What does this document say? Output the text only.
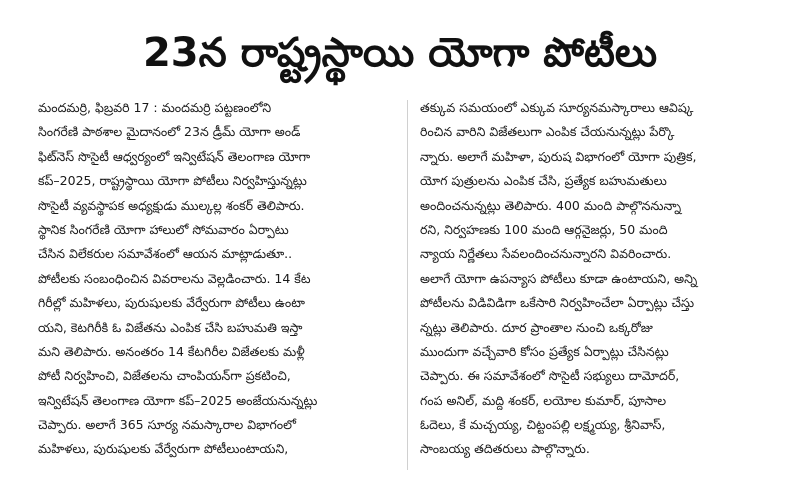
23న రాష్ట్రస్థాయి యోగా పోటీలు
మందమర్రి, ఫిబ్రవరి 17 : మందమర్రి పట్టణంలోని
సింగరేణి పాఠశాల మైదానంలో 23న డ్రీమ్ యోగా అండ్
ఫిట్‌నెస్ సొసైటీ ఆధ్వర్యంలో ఇన్విటేషన్ తెలంగాణ యోగా
కప్–2025, రాష్ట్రస్థాయి యోగా పోటీలు నిర్వహిస్తున్నట్లు
సొసైటీ వ్యవస్థాపక అధ్యక్షుడు ముల్కల్ల శంకర్ తెలిపారు.
స్థానిక సింగరేణి యోగా హాలులో సోమవారం ఏర్పాటు
చేసిన విలేకరుల సమావేశంలో ఆయన మాట్లాడుతూ..
పోటీలకు సంబంధించిన వివరాలను వెల్లడించారు. 14 కేట
గిరీల్లో మహిళలు, పురుషులకు వేర్వేరుగా పోటీలు ఉంటా
యని, కెటగిరీకి ఓ విజేతను ఎంపిక చేసి బహుమతి ఇస్తా
మని తెలిపారు. అనంతరం 14 కేటగిరీల విజేతలకు మళ్లీ
పోటీ నిర్వహించి, విజేతలను చాంపియన్‌గా ప్రకటించి,
ఇన్విటేషన్ తెలంగాణ యోగా కప్–2025 అంజేయనున్నట్లు
చెప్పారు. అలాగే 365 సూర్య నమస్కారాల విభాగంలో
మహిళలు, పురుషులకు వేర్వేరుగా పోటీలుంటాయని,
తక్కువ సమయంలో ఎక్కువ సూర్యనమస్కారాలు ఆవిష్క
రించిన వారిని విజేతలుగా ఎంపిక చేయనున్నట్లు పేర్కొ
న్నారు. అలాగే మహిళా, పురుష విభాగంలో యోగా పుత్రిక,
యోగ పుత్రులను ఎంపిక చేసి, ప్రత్యేక బహుమతులు
అందించనున్నట్లు తెలిపారు. 400 మంది పాల్గొననున్నా
రని, నిర్వహణకు 100 మంది ఆర్గనైజర్లు, 50 మంది
న్యాయ నిర్ణేతలు సేవలందించనున్నారని వివరించారు.
అలాగే యోగా ఉపన్యాస పోటీలు కూడా ఉంటాయని, అన్ని
పోటీలను విడివిడిగా ఒకేసారి నిర్వహించేలా ఏర్పాట్లు చేస్తు
న్నట్లు తెలిపారు. దూర ప్రాంతాల నుంచి ఒక్కరోజు
ముందుగా వచ్చేవారి కోసం ప్రత్యేక ఏర్పాట్లు చేసినట్లు
చెప్పారు. ఈ సమావేశంలో సొసైటీ సభ్యులు దామోదర్,
గంప అనిల్, మద్ది శంకర్, లయోల కుమార్, పూసాల
ఓదెలు, కే మచ్చయ్య, చిట్టంపల్లి లక్ష్మయ్య, శ్రీనివాస్,
సాంబయ్య తదితరులు పాల్గొన్నారు.
